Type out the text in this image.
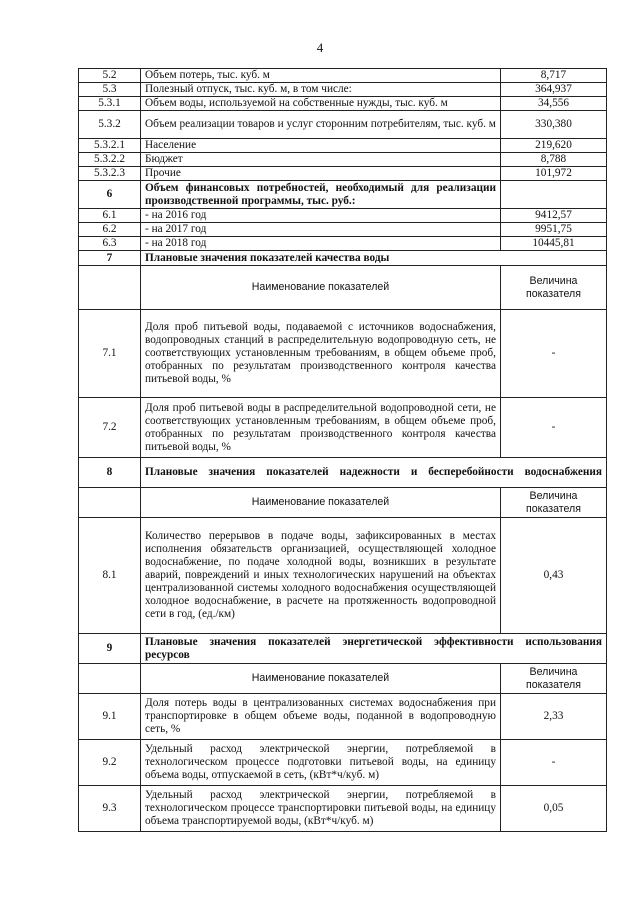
4
5.2	Объем потерь, тыс. куб. м	8,717
5.3	Полезный отпуск, тыс. куб. м, в том числе:	364,937
5.3.1	Объем воды, используемой на собственные нужды, тыс. куб. м	34,556
5.3.2	Объем реализации товаров и услуг сторонним потребителям, тыс. куб. м	330,380
5.3.2.1	Население	219,620
5.3.2.2	Бюджет	8,788
5.3.2.3	Прочие	101,972
6	Объем финансовых потребностей, необходимый для реализации производственной программы, тыс. руб.:	
6.1	- на 2016 год	9412,57
6.2	- на 2017 год	9951,75
6.3	- на 2018 год	10445,81
7	Плановые значения показателей качества воды	
	Наименование показателей	Величина показателя
7.1	Доля проб питьевой воды, подаваемой с источников водоснабжения, водопроводных станций в распределительную водопроводную сеть, не соответствующих установленным требованиям, в общем объеме проб, отобранных по результатам производственного контроля качества питьевой воды, %	-
7.2	Доля проб питьевой воды в распределительной водопроводной сети, не соответствующих установленным требованиям, в общем объеме проб, отобранных по результатам производственного контроля качества питьевой воды, %	-
8	Плановые значения показателей надежности и бесперебойности водоснабжения	
	Наименование показателей	Величина показателя
8.1	Количество перерывов в подаче воды, зафиксированных в местах исполнения обязательств организацией, осуществляющей холодное водоснабжение, по подаче холодной воды, возникших в результате аварий, повреждений и иных технологических нарушений на объектах централизованной системы холодного водоснабжения осуществляющей холодное водоснабжение, в расчете на протяженность водопроводной сети в год, (ед./км)	0,43
9	Плановые значения показателей энергетической эффективности использования ресурсов	
	Наименование показателей	Величина показателя
9.1	Доля потерь воды в централизованных системах водоснабжения при транспортировке в общем объеме воды, поданной в водопроводную сеть, %	2,33
9.2	Удельный расход электрической энергии, потребляемой в технологическом процессе подготовки питьевой воды, на единицу объема воды, отпускаемой в сеть, (кВт*ч/куб. м)	-
9.3	Удельный расход электрической энергии, потребляемой в технологическом процессе транспортировки питьевой воды, на единицу объема транспортируемой воды, (кВт*ч/куб. м)	0,05
